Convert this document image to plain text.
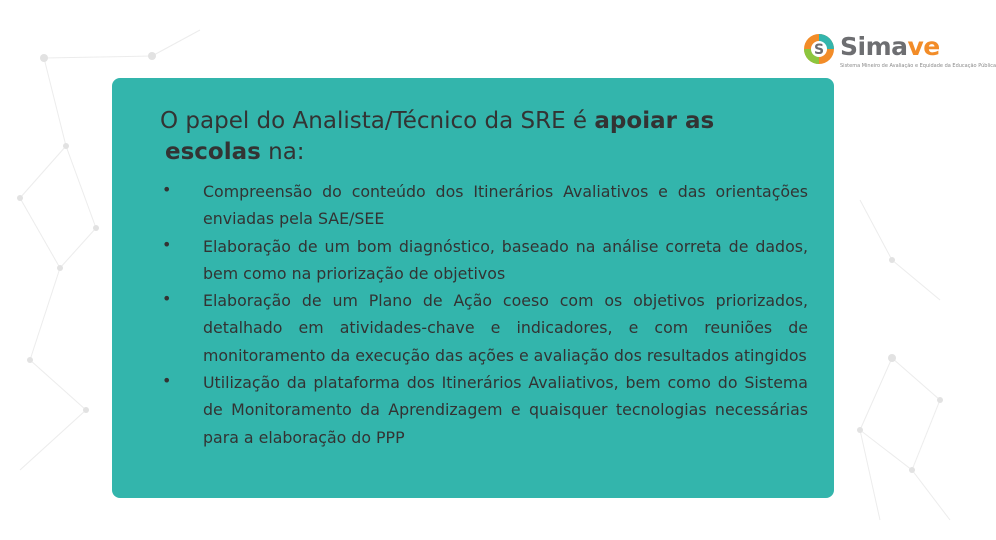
S Simave
Sistema Mineiro de Avaliação e Equidade da Educação Pública
O papel do Analista/Técnico da SRE é apoiar as
escolas na:
• Compreensão do conteúdo dos Itinerários Avaliativos e das orientações enviadas pela SAE/SEE
• Elaboração de um bom diagnóstico, baseado na análise correta de dados, bem como na priorização de objetivos
• Elaboração de um Plano de Ação coeso com os objetivos priorizados, detalhado em atividades-chave e indicadores, e com reuniões de monitoramento da execução das ações e avaliação dos resultados atingidos
• Utilização da plataforma dos Itinerários Avaliativos, bem como do Sistema de Monitoramento da Aprendizagem e quaisquer tecnologias necessárias para a elaboração do PPP
